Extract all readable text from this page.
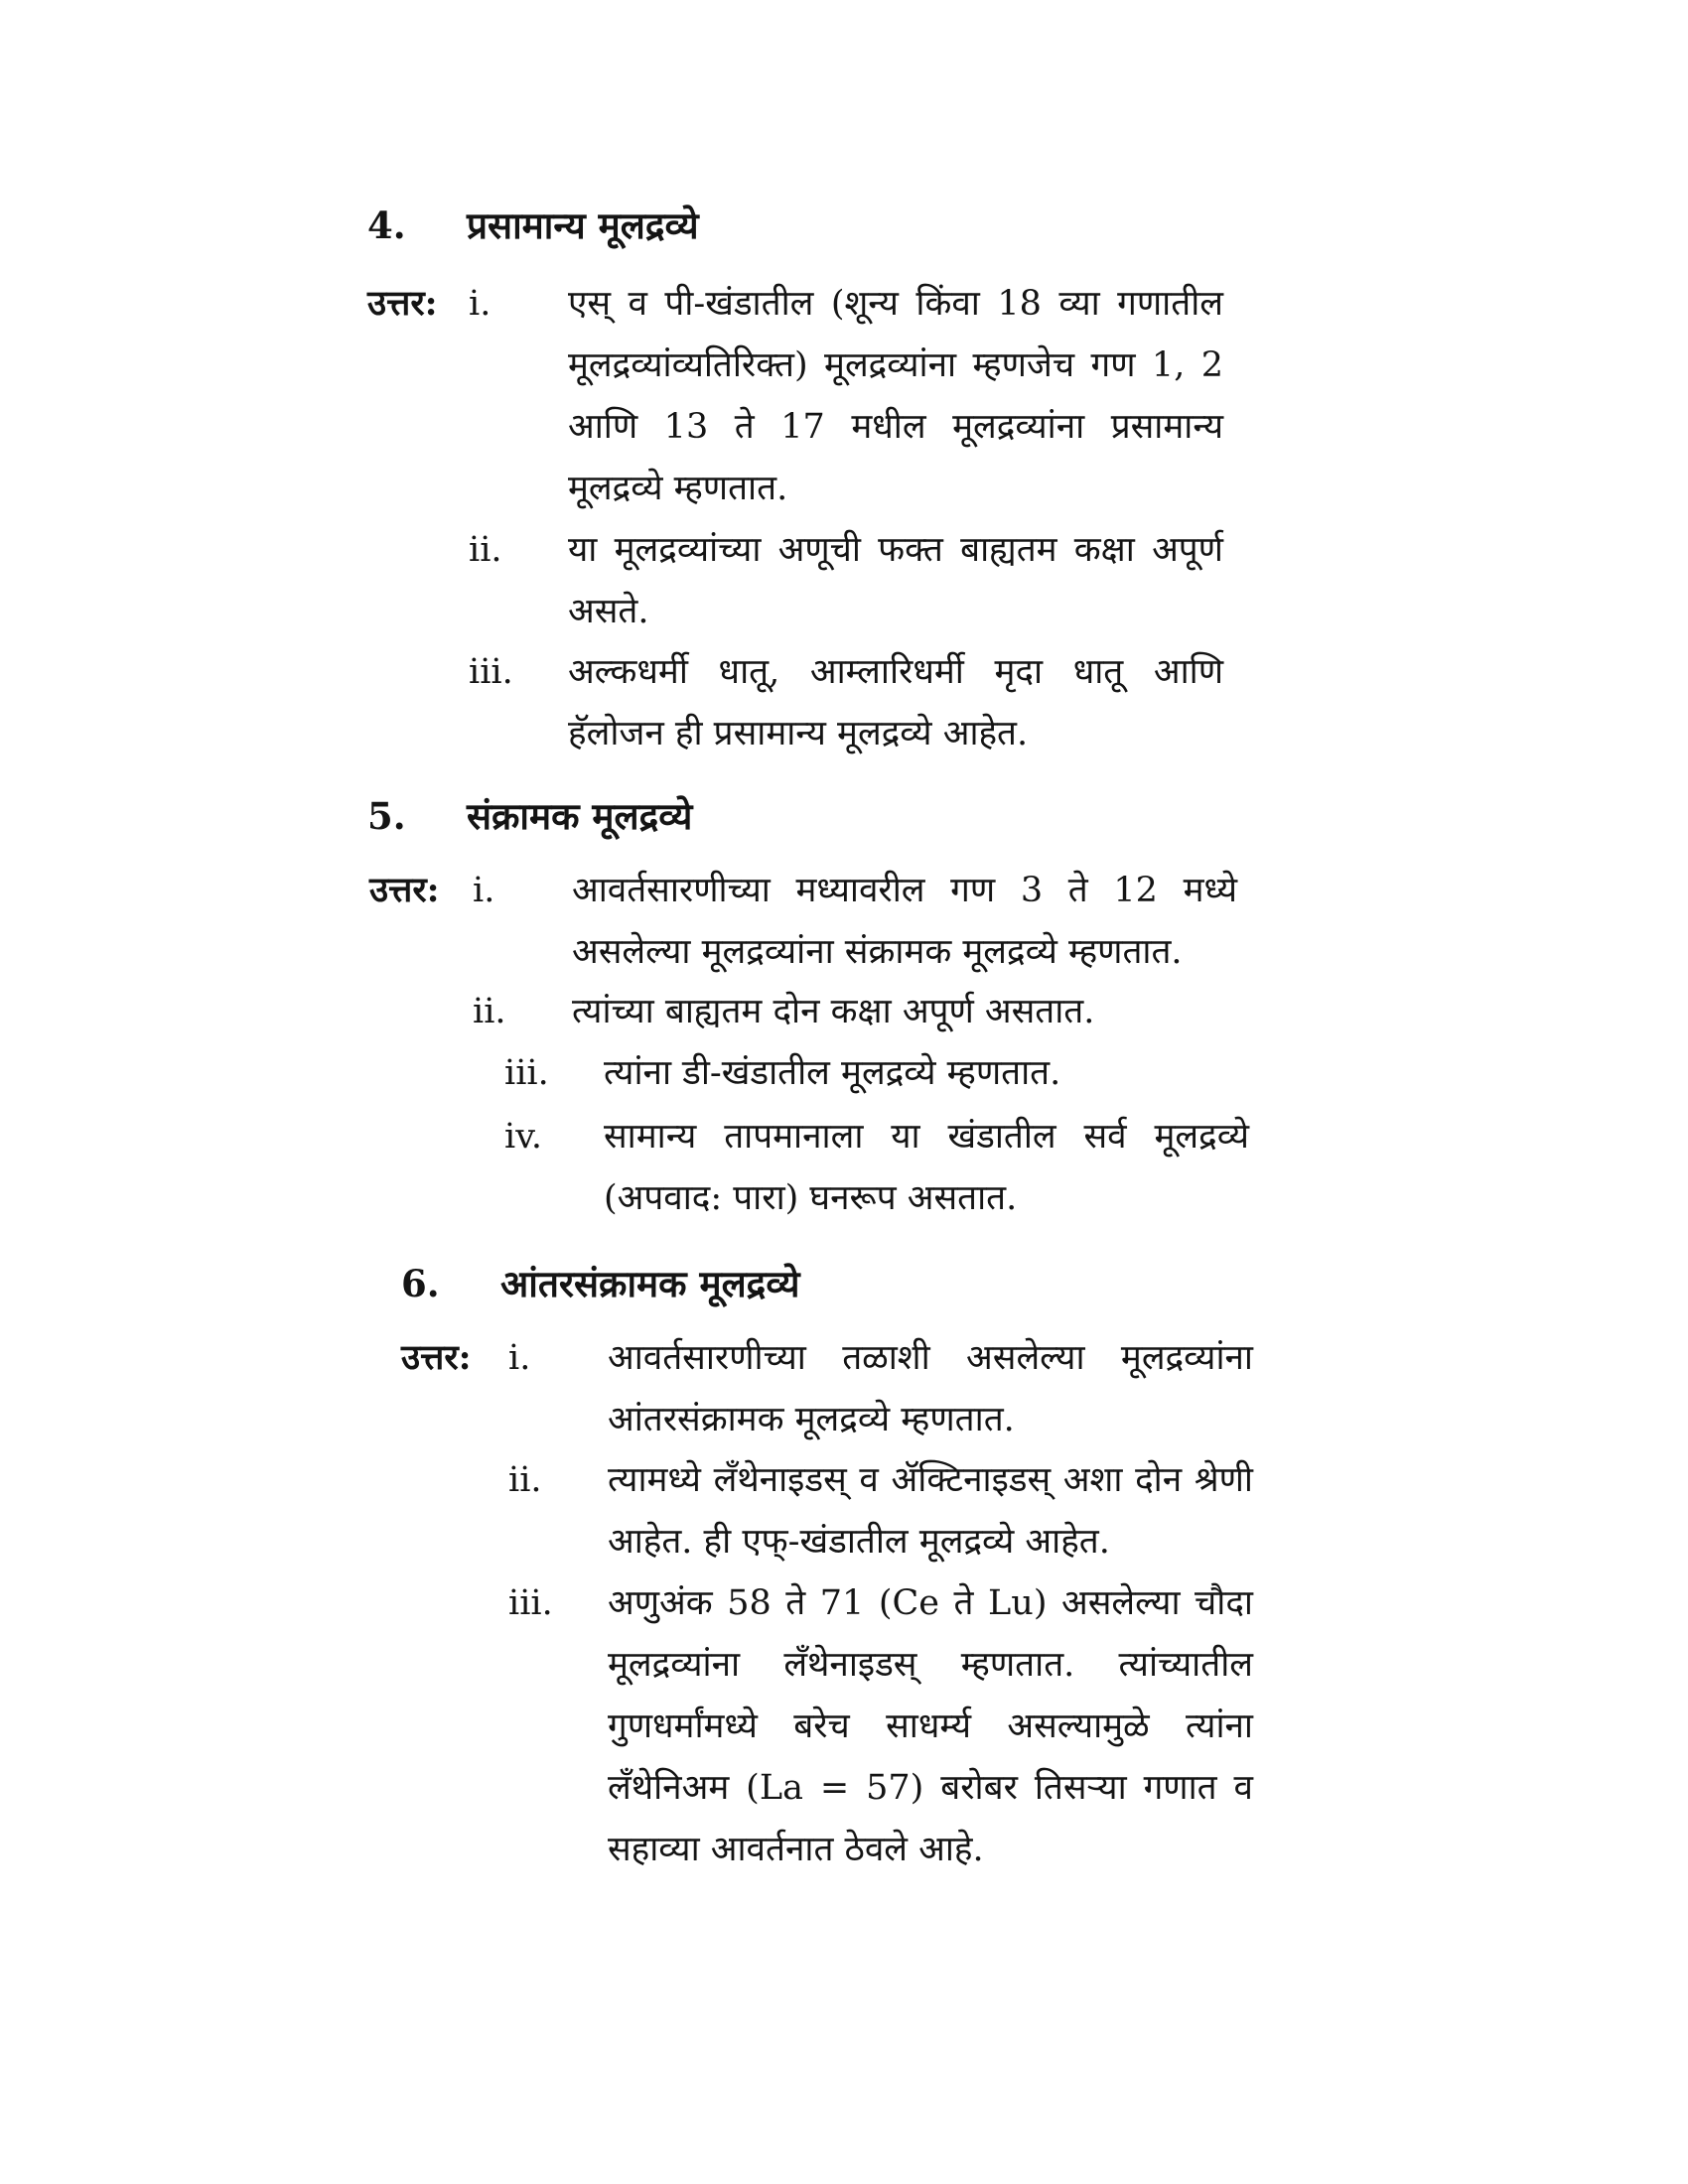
4.	प्रसामान्य मूलद्रव्ये
उत्तर: i. एस् व पी-खंडातील (शून्य किंवा 18 व्या गणातील मूलद्रव्यांव्यतिरिक्त) मूलद्रव्यांना म्हणजेच गण 1, 2 आणि 13 ते 17 मधील मूलद्रव्यांना प्रसामान्य मूलद्रव्ये म्हणतात.
ii. या मूलद्रव्यांच्या अणूची फक्त बाह्यतम कक्षा अपूर्ण असते.
iii. अल्कधर्मी धातू, आम्लारिधर्मी मृदा धातू आणि हॅलोजन ही प्रसामान्य मूलद्रव्ये आहेत.
5.	संक्रामक मूलद्रव्ये
उत्तर: i. आवर्तसारणीच्या मध्यावरील गण 3 ते 12 मध्ये असलेल्या मूलद्रव्यांना संक्रामक मूलद्रव्ये म्हणतात.
ii. त्यांच्या बाह्यतम दोन कक्षा अपूर्ण असतात.
iii. त्यांना डी-खंडातील मूलद्रव्ये म्हणतात.
iv. सामान्य तापमानाला या खंडातील सर्व मूलद्रव्ये (अपवाद: पारा) घनरूप असतात.
6.	आंतरसंक्रामक मूलद्रव्ये
उत्तर: i. आवर्तसारणीच्या तळाशी असलेल्या मूलद्रव्यांना आंतरसंक्रामक मूलद्रव्ये म्हणतात.
ii. त्यामध्ये लँथेनाइडस् व ॲक्टिनाइडस् अशा दोन श्रेणी आहेत. ही एफ्-खंडातील मूलद्रव्ये आहेत.
iii. अणुअंक 58 ते 71 (Ce ते Lu) असलेल्या चौदा मूलद्रव्यांना लँथेनाइडस् म्हणतात. त्यांच्यातील गुणधर्मांमध्ये बरेच साधर्म्य असल्यामुळे त्यांना लँथेनिअम (La = 57) बरोबर तिसऱ्या गणात व सहाव्या आवर्तनात ठेवले आहे.
